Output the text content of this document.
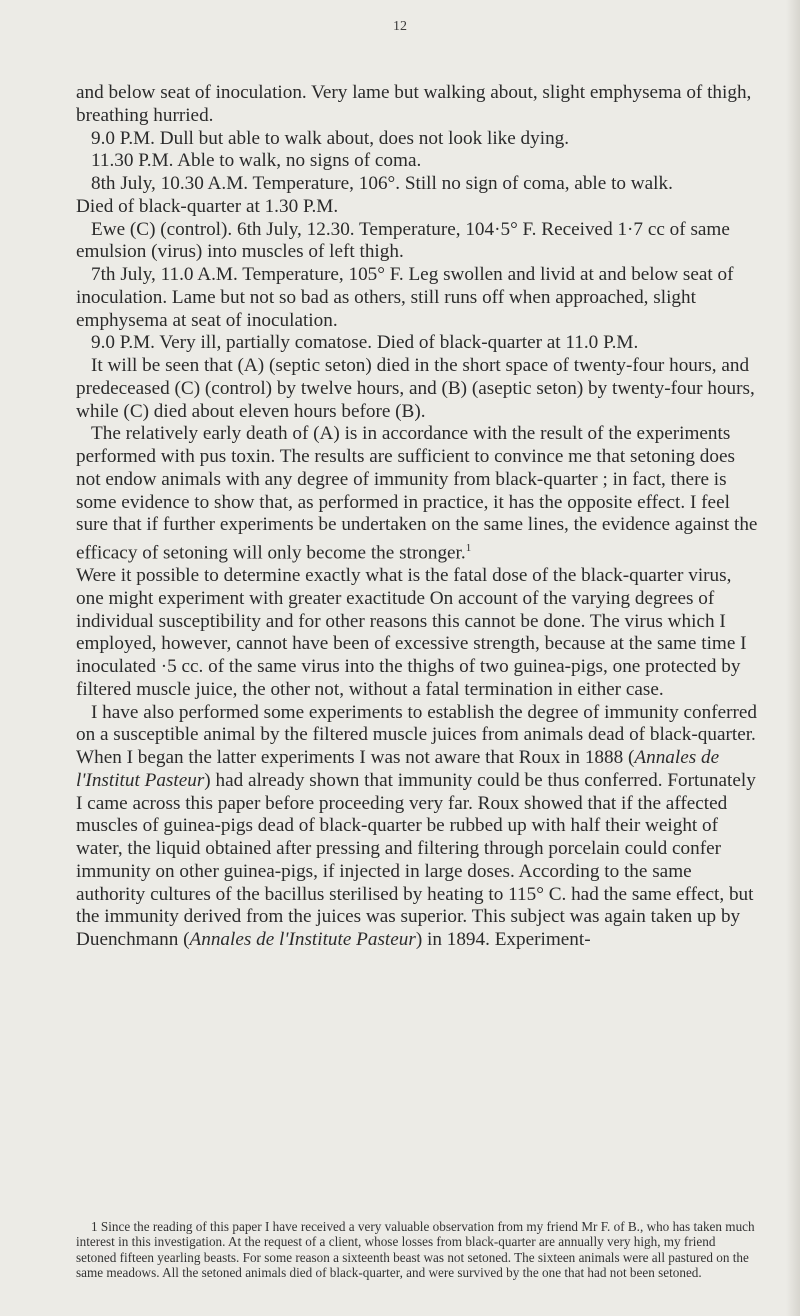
12

and below seat of inoculation. Very lame but walking about, slight emphysema of thigh, breathing hurried.

9.0 P.M. Dull but able to walk about, does not look like dying.

11.30 P.M. Able to walk, no signs of coma.

8th July, 10.30 A.M. Temperature, 106°. Still no sign of coma, able to walk.

Died of black-quarter at 1.30 P.M.

Ewe (C) (control). 6th July, 12.30. Temperature, 104·5° F. Received 1·7 cc of same emulsion (virus) into muscles of left thigh.

7th July, 11.0 A.M. Temperature, 105° F. Leg swollen and livid at and below seat of inoculation. Lame but not so bad as others, still runs off when approached, slight emphysema at seat of inoculation.

9.0 P.M. Very ill, partially comatose. Died of black-quarter at 11.0 P.M.

It will be seen that (A) (septic seton) died in the short space of twenty-four hours, and predeceased (C) (control) by twelve hours, and (B) (aseptic seton) by twenty-four hours, while (C) died about eleven hours before (B).

The relatively early death of (A) is in accordance with the result of the experiments performed with pus toxin. The results are sufficient to convince me that setoning does not endow animals with any degree of immunity from black-quarter ; in fact, there is some evidence to show that, as performed in practice, it has the opposite effect. I feel sure that if further experiments be undertaken on the same lines, the evidence against the efficacy of setoning will only become the stronger.$^1$

Were it possible to determine exactly what is the fatal dose of the black-quarter virus, one might experiment with greater exactitude On account of the varying degrees of individual susceptibility and for other reasons this cannot be done. The virus which I employed, however, cannot have been of excessive strength, because at the same time I inoculated ·5 cc. of the same virus into the thighs of two guinea-pigs, one protected by filtered muscle juice, the other not, without a fatal termination in either case.

I have also performed some experiments to establish the degree of immunity conferred on a susceptible animal by the filtered muscle juices from animals dead of black-quarter. When I began the latter experiments I was not aware that Roux in 1888 (Annales de l'Institut Pasteur) had already shown that immunity could be thus conferred. Fortunately I came across this paper before proceeding very far. Roux showed that if the affected muscles of guinea-pigs dead of black-quarter be rubbed up with half their weight of water, the liquid obtained after pressing and filtering through porcelain could confer immunity on other guinea-pigs, if injected in large doses. According to the same authority cultures of the bacillus sterilised by heating to 115° C. had the same effect, but the immunity derived from the juices was superior. This subject was again taken up by Duenchmann (Annales de l'Institute Pasteur) in 1894. Experiment-

1 Since the reading of this paper I have received a very valuable observation from my friend Mr F. of B., who has taken much interest in this investigation. At the request of a client, whose losses from black-quarter are annually very high, my friend setoned fifteen yearling beasts. For some reason a sixteenth beast was not setoned. The sixteen animals were all pastured on the same meadows. All the setoned animals died of black-quarter, and were survived by the one that had not been setoned.
